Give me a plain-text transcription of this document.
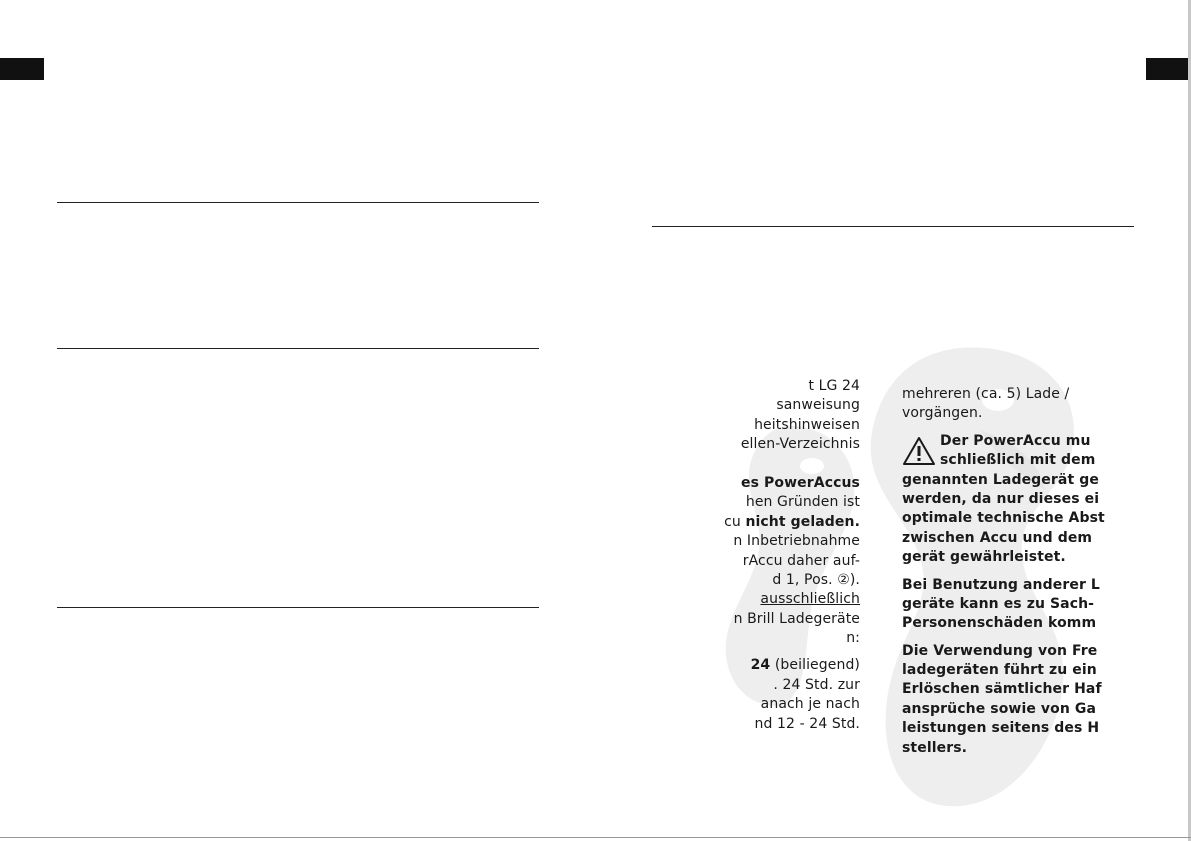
t LG 24
sanweisung
heitshinweisen
ellen-Verzeichnis
es PowerAccus
hen Gründen ist
cu nicht geladen.
n Inbetriebnahme
rAccu daher auf-
d 1, Pos. ②).
ausschließlich
n Brill Ladegeräte
n:
24 (beiliegend)
. 24 Std. zur
anach je nach
nd 12 - 24 Std.
mehreren (ca. 5) Lade /
vorgängen.
Der PowerAccu mu
schließlich mit dem
genannten Ladegerät ge
werden, da nur dieses ei
optimale technische Abst
zwischen Accu und dem
gerät gewährleistet.
Bei Benutzung anderer L
geräte kann es zu Sach-
Personenschäden komm
Die Verwendung von Fre
ladegeräten führt zu ein
Erlöschen sämtlicher Haf
ansprüche sowie von Ga
leistungen seitens des H
stellers.
